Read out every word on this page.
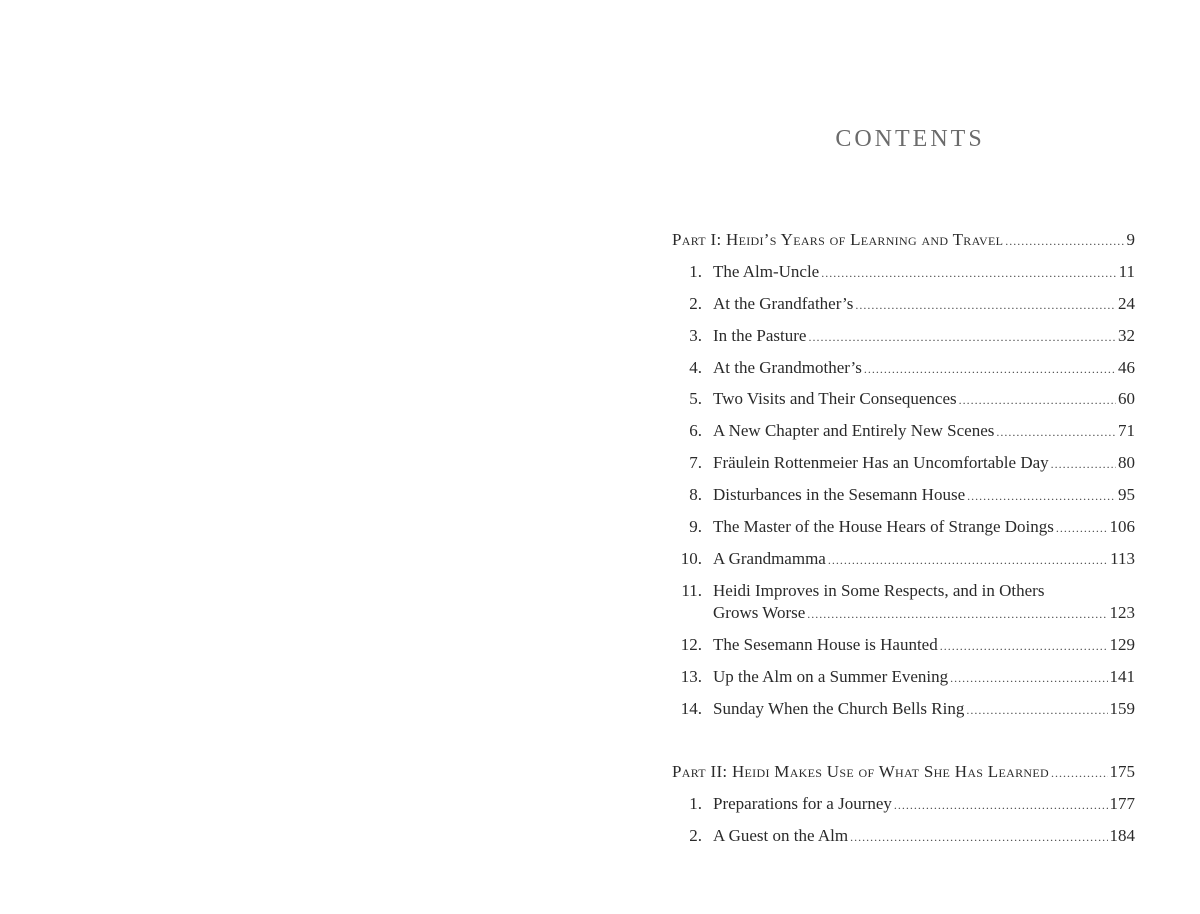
CONTENTS
Part I: Heidi’s Years of Learning and Travel .....	9
1. The Alm-Uncle .....	11
2. At the Grandfather’s .....	24
3. In the Pasture .....	32
4. At the Grandmother’s .....	46
5. Two Visits and Their Consequences .....	60
6. A New Chapter and Entirely New Scenes .....	71
7. Fräulein Rottenmeier Has an Uncomfortable Day .....	80
8. Disturbances in the Sesemann House .....	95
9. The Master of the House Hears of Strange Doings .....	106
10. A Grandmamma .....	113
11. Heidi Improves in Some Respects, and in Others
Grows Worse .....	123
12. The Sesemann House is Haunted .....	129
13. Up the Alm on a Summer Evening .....	141
14. Sunday When the Church Bells Ring .....	159
Part II: Heidi Makes Use of What She Has Learned .....	175
1. Preparations for a Journey .....	177
2. A Guest on the Alm .....	184
